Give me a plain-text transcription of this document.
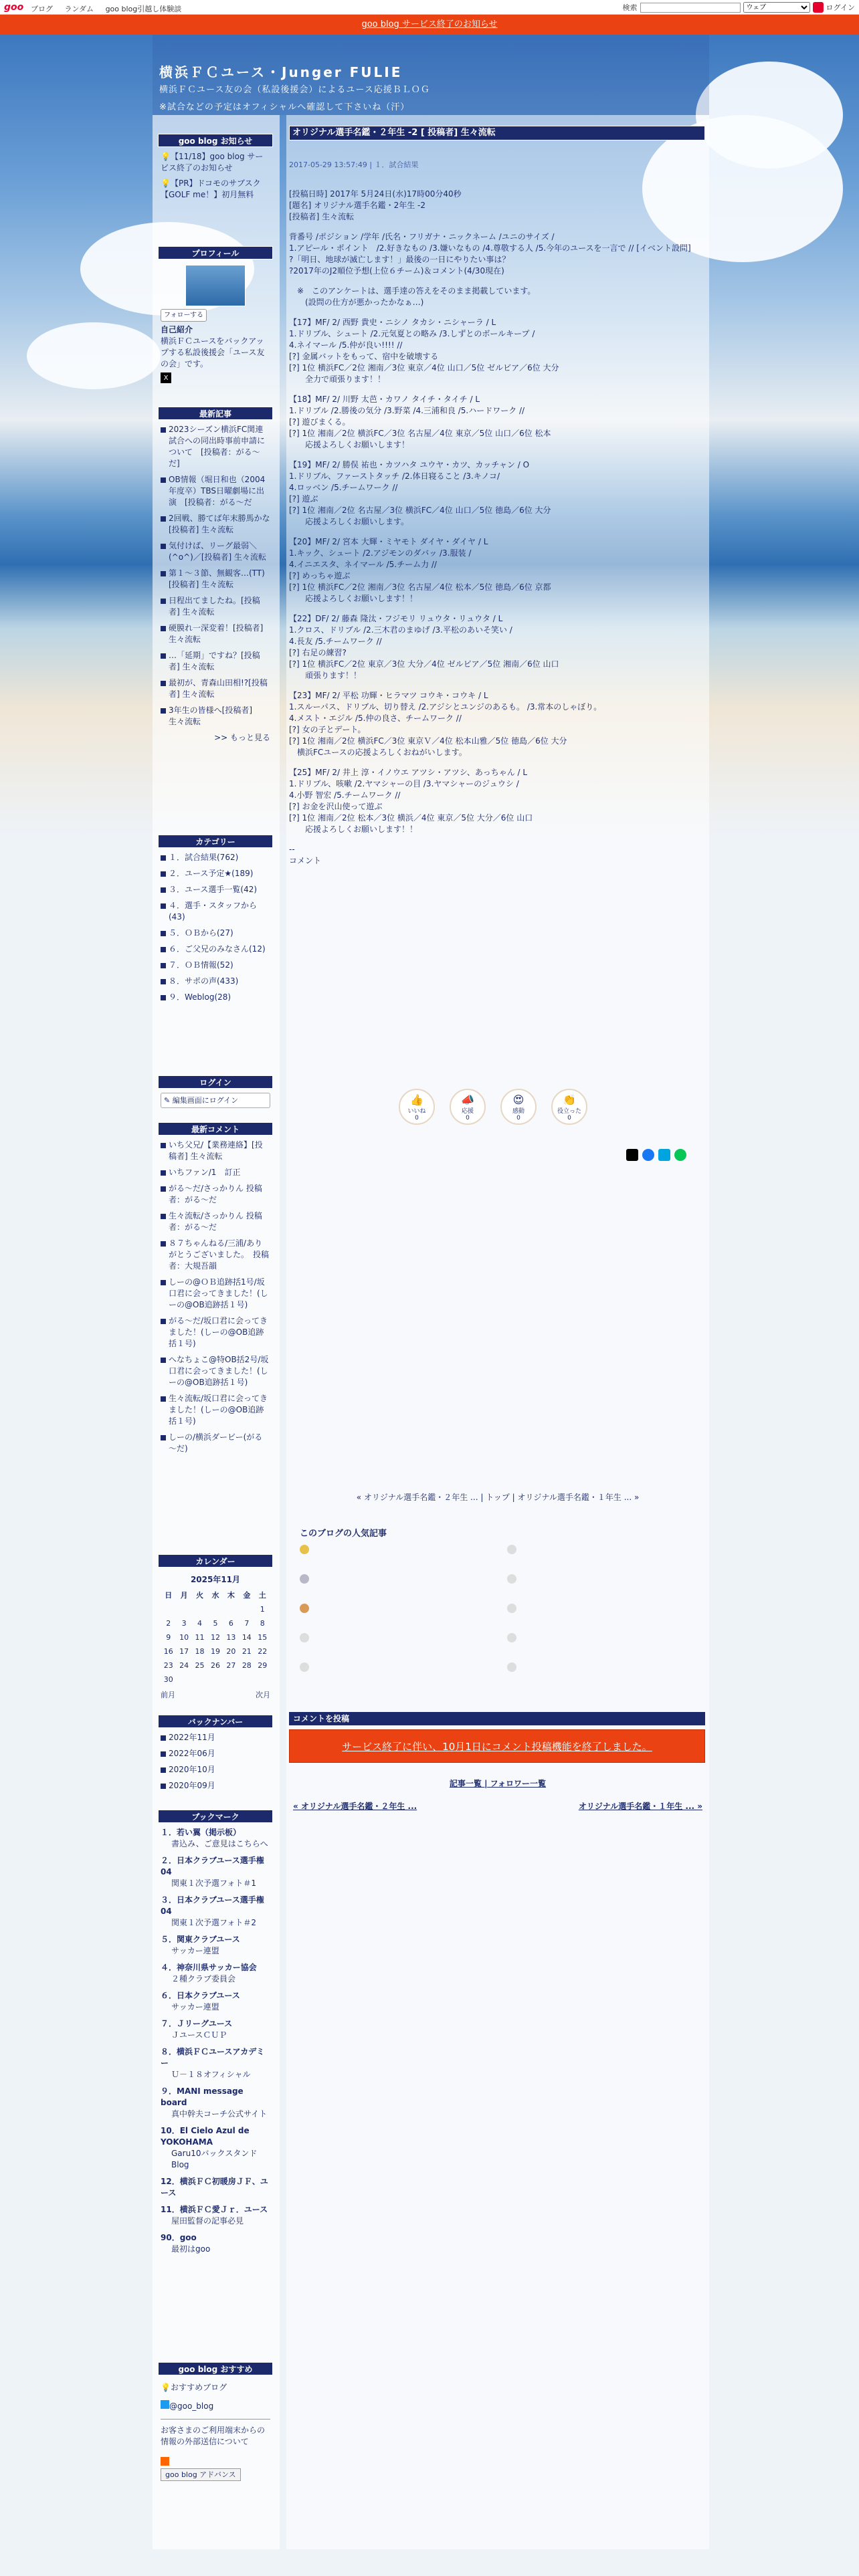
goo ブログ ランダム goo blog引越し体験談	検索
ウェブ	ログイン
goo blog サービス終了のお知らせ
横浜ＦＣユース・Junger FULIE
横浜ＦＣユース友の会（私設後援会）によるユース応援ＢＬＯＧ
※試合などの予定はオフィシャルへ確認して下さいね（汗）
goo blog お知らせ
💡【11/18】goo blog サービス終了のお知らせ
💡【PR】ドコモのサブスク【GOLF me！】初月無料
プロフィール
フォローする
自己紹介
横浜ＦＣユースをバックアップする私設後援会「ユース友の会」です。
X
最新記事
2023シーズン横浜FC関連試合への同出時事前申請について　[投稿者：がる～だ]
OB情報（堀日和也（2004年度卒）TBS日曜劇場に出演　[投稿者：がる～だ
2回戦、勝てば年末勝馬かな[投稿者] 生々流転
気付けば、リーグ最弱＼(^o^)／[投稿者] 生々流転
第１～３節、無観客…(TT)[投稿者] 生々流転
日程出てましたね。[投稿者] 生々流転
硬膜れ一深変着！[投稿者] 生々流転
…「延期」ですね？[投稿者] 生々流転
最初が、青森山田相!?[投稿者] 生々流転
3年生の皆様へ[投稿者] 生々流転
>> もっと見る
カテゴリー
１．試合結果(762)
２．ユース予定★(189)
３．ユース選手一覧(42)
４．選手・スタッフから(43)
５．ＯＢから(27)
６．ご父兄のみなさん(12)
７．ＯＢ情報(52)
８．サポの声(433)
９．Weblog(28)
ログイン
✎ 編集画面にログイン
最新コメント
いち父兄/【業務連絡】[投稿者] 生々流転
いちファン/1　訂正
がる～だ/さっかりん 投稿者：がる～だ
生々流転/さっかりん 投稿者：がる～だ
８７ちゃんねる/三浦/ありがとうございました。　投稿者：大規吾韻
しーの@ＯＢ追跡括1号/坂口君に会ってきました！(しーの@OB追跡括１号)
がる～だ/坂口君に会ってきました！(しーの@OB追跡括１号)
へなちょこ@特OB括2号/坂口君に会ってきました！(しーの@OB追跡括１号)
生々流転/坂口君に会ってきました！(しーの@OB追跡括１号)
しーの/横浜ダービー(がる～だ)
カレンダー
2025年11月
日	月	火	水	木	金	土
						1
2	3	4	5	6	7	8
9	10	11	12	13	14	15
16	17	18	19	20	21	22
23	24	25	26	27	28	29
30						
前月	次月
バックナンバー
2022年11月
2022年06月
2020年10月
2020年09月
ブックマーク
１．若い翼（掲示板）
書込み、ご意見はこちらへ
２．日本クラブユース選手権04
関東１次予選フォト＃1
３．日本クラブユース選手権04
関東１次予選フォト＃2
５．関東クラブユース
サッカー連盟
４．神奈川県サッカー協会
２種クラブ委員会
６．日本クラブユース
サッカー連盟
７．Ｊリーグユース
ＪユースＣＵＰ
８．横浜ＦＣユースアカデミー
Ｕ－１８オフィシャル
９．MANI message board
真中幹夫コーチ公式サイト
10．El Cielo Azul de YOKOHAMA
Garu10バックスタンドBlog
12．横浜ＦＣ初暖房ＪＦ、ユース
11．横浜ＦＣ愛Ｊｒ．ユース
屋田監督の記事必見
90．goo
最初はgoo
goo blog おすすめ
💡おすすめブログ
@goo_blog
お客さまのご利用端末からの情報の外部送信について
goo blog アドバンス
オリジナル選手名鑑・２年生 -2 [ 投稿者] 生々流転
2017-05-29 13:57:49 | １．試合結果
[投稿日時] 2017年 5月24日(水)17時00分40秒
[題名] オリジナル選手名鑑・2年生 -2
[投稿者] 生々流転
背番号 /ポジション /学年 /氏名・フリガナ・ニックネーム /ユニのサイズ /
1.アピール・ポイント　/2.好きなもの /3.嫌いなもの /4.尊敬する人 /5.今年のユースを一言で // [イベント設問]
?「明日、地球が滅亡します！」最後の一日にやりたい事は？
?2017年のJ2順位予想(上位６チーム)＆コメント(4/30現在)
　※　このアンケートは、選手達の答えをそのまま掲載しています。
　　(設問の仕方が悪かったかなぁ…)
【17】MF/ 2/ 西野 貴史・ニシノ タカシ・ニシャーラ / L
1.ドリブル、シュート /2.元気夏との略み /3.しずとのボールキープ /
4.ネイマール /5.仲が良い!!!! //
[?] 金属バットをもって、宿中を破壊する
[?] 1位 横浜FC／2位 湘南／3位 東京／4位 山口／5位 ゼルビア／6位 大分
　　全力で頑張ります！！
【18】MF/ 2/ 川野 太芭・カワノ タイチ・タイチ / L
1.ドリブル /2.勝後の気分 /3.野菜 /4.三浦和良 /5.ハードワーク //
[?] 遊びまくる。
[?] 1位 湘南／2位 横浜FC／3位 名古屋／4位 東京／5位 山口／6位 松本
　　応援よろしくお願いします！
【19】MF/ 2/ 勝俣 祐也・カツハタ ユウヤ・カツ、カッチャン / O
1.ドリブル、ファーストタッチ /2.体日寝ること /3.キノコ/
4.ロッベン /5.チームワーク //
[?] 遊ぶ
[?] 1位 湘南／2位 名古屋／3位 横浜FC／4位 山口／5位 徳島／6位 大分
　　応援よろしくお願いします。
【20】MF/ 2/ 宮本 大輝・ミヤモト ダイヤ・ダイヤ / L
1.キック、シュート /2.アジモンのダバッ /3.服装 /
4.イニエスタ、ネイマール /5.チーム力 //
[?] めっちゃ遊ぶ
[?] 1位 横浜FC／2位 湘南／3位 名古屋／4位 松本／5位 徳島／6位 京都
　　応援よろしくお願いします！！
【22】DF/ 2/ 藤森 隆汰・フジモリ リュウタ・リュウタ / L
1.クロス、ドリブル /2.三木君のまゆげ /3.平松のあいそ笑い /
4.長友 /5.チームワーク //
[?] 右足の練習?
[?] 1位 横浜FC／2位 東京／3位 大分／4位 ゼルビア／5位 湘南／6位 山口
　　頑張ります！！
【23】MF/ 2/ 平松 功輝・ヒラマツ コウキ・コウキ / L
1.スルーパス、ドリブル、切り替え /2.アジシとユンジのあるも。 /3.常本のしゃぼり。
4.メスト・エジル /5.仲の良さ、チームワーク //
[?] 女の子とデート。
[?] 1位 湘南／2位 横浜FC／3位 東京Ｖ／4位 松本山雅／5位 徳島／6位 大分
　横浜FCユースの応援よろしくおねがいします。
【25】MF/ 2/ 井上 淳・イノウエ アツシ・アツシ、あっちゃん / L
1.ドリブル、咳嗽 /2.ヤマシャーの目 /3.ヤマシャーのジュウシ /
4.小野 智宏 /5.チームワーク //
[?] お金を沢山使って遊ぶ
[?] 1位 湘南／2位 松本／3位 横浜／4位 東京／5位 大分／6位 山口
　　応援よろしくお願いします！！
--
コメント
👍
いいね
0
📣
応援
0
😍
感動
0
👏
役立った
0
« オリジナル選手名鑑・２年生 ... | トップ | オリジナル選手名鑑・１年生 ... »
このブログの人気記事
コメントを投稿
サービス終了に伴い、10月1日にコメント投稿機能を終了しました。
記事一覧 | フォロワー一覧
« オリジナル選手名鑑・２年生 ...	オリジナル選手名鑑・１年生 ... »
